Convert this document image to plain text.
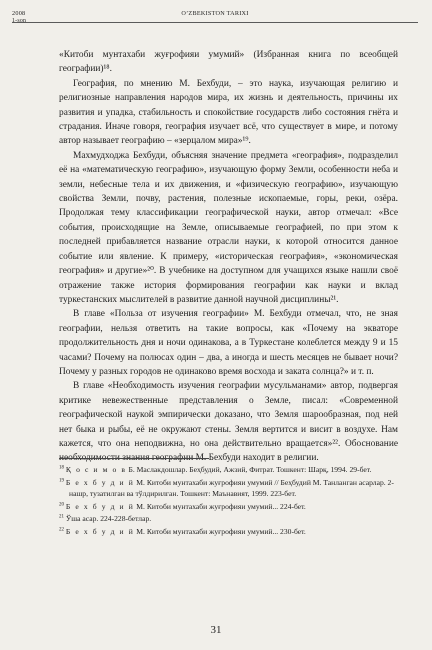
2008
1-son
O’ZBEKISTON TARIXI

«Китоби мунтахаби жуғрофияи умумий» (Избранная книга по всеобщей географии)¹⁸.

География, по мнению М. Бехбуди, – это наука, изучающая религию и религиозные направления народов мира, их жизнь и деятельность, причины их развития и упадка, стабильность и спокойствие государств либо состояния гнёта и страдания. Иначе говоря, география изучает всё, что существует в мире, и потому автор называет географию – «зерцалом мира»¹⁹.

Махмудходжа Бехбуди, объясняя значение предмета «география», подразделил её на «математическую географию», изучающую форму Земли, особенности неба и земли, небесные тела и их движения, и «физическую географию», изучающую свойства Земли, почву, растения, полезные ископаемые, горы, реки, озёра. Продолжая тему классификации географической науки, автор отмечал: «Все события, происходящие на Земле, описываемые географией, по при этом к последней прибавляется название отрасли науки, к которой относится данное событие или явление. К примеру, «историческая география», «экономическая география» и другие»²⁰. В учебнике на доступном для учащихся языке нашли своё отражение также история формирования географии как науки и вклад туркестанских мыслителей в развитие данной научной дисциплины²¹.

В главе «Польза от изучения географии» М. Бехбуди отмечал, что, не зная географии, нельзя ответить на такие вопросы, как «Почему на экваторе продолжительность дня и ночи одинакова, а в Туркестане колеблется между 9 и 15 часами? Почему на полюсах один – два, а иногда и шесть месяцев не бывает ночи? Почему у разных городов не одинаково время восхода и заката солнца?» и т. п.

В главе «Необходимость изучения географии мусульманами» автор, подвергая критике невежественные представления о Земле, писал: «Современной географической наукой эмпирически доказано, что Земля шарообразная, под ней нет быка и рыбы, её не окружают стены. Земля вертится и висит в воздухе. Нам кажется, что она неподвижна, но она действительно вращается»²². Обоснование необходимости знания географии М. Бехбуди находит в религии.

$^{18}$ Қ о с и м о в Б. Маслакдошлар. Беҳбудий, Ажзий, Фитрат. Тошкент: Шарқ, 1994. 29-бет.

$^{19}$ Б е х б у д и й М. Китоби мунтахаби жуғрофияи умумий // Беҳбудий М. Танланган асарлар. 2-нашр, тузатилган ва тўлдирилган. Тошкент: Маънавият, 1999. 223-бет.

$^{20}$ Б е х б у д и й М. Китоби мунтахаби жуғрофияи умумий... 224-бет.

$^{21}$ Ўша асар. 224-228-бетлар.

$^{22}$ Б е х б у д и й М. Китоби мунтахаби жуғрофияи умумий... 230-бет.

31
